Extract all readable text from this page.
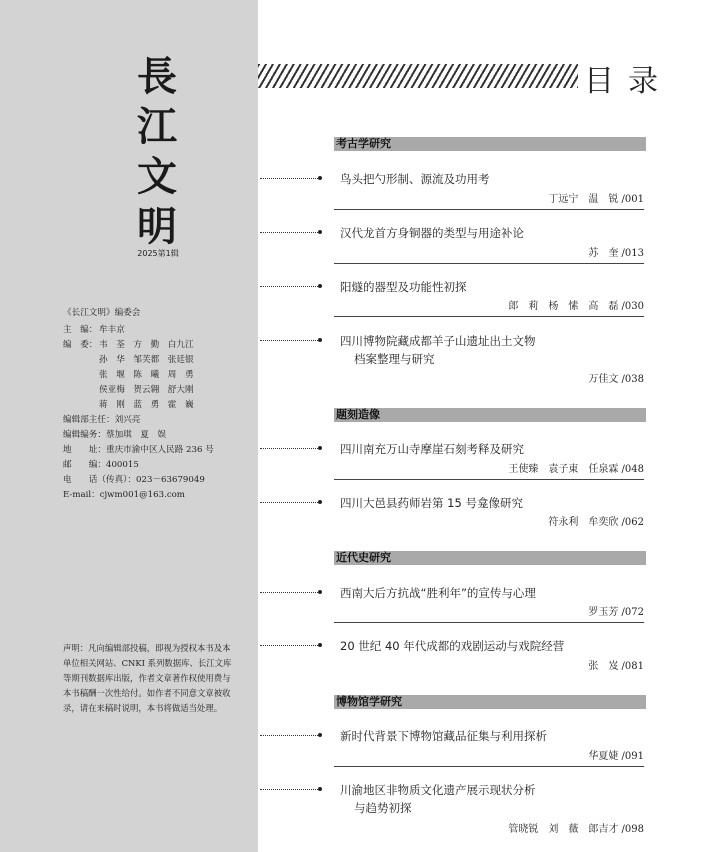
長
江
文
明
2025第1辑
《长江文明》编委会
主　编： 牟丰京
编　委： 韦　荃　方　勤　白九江
孙　华　邹芙都　张廷银
张　堰　陈　曦　周　勇
侯亚梅　贺云翱　舒大刚
蒋　刚　蓝　勇　霍　巍
编辑部主任： 刘兴亮
编辑编务： 蔡加琪　夏　娱
地　　址： 重庆市渝中区人民路 236 号
邮　　编： 400015
电　　话（传真）： 023－63679049
E-mail：cjwm001@163.com
声明：凡向编辑部投稿，即视为授权本书及本单位相关网站、CNKI 系列数据库、长江文库等期刊数据库出版，作者文章著作权使用费与本书稿酬一次性给付。如作者不同意文章被收录，请在来稿时说明，本书将做适当处理。
目录
考古学研究
鸟头把勺形制、源流及功用考
丁远宁　温　锐 /001
汉代龙首方身铜器的类型与用途补论
苏　奎 /013
阳燧的器型及功能性初探
郎　莉　杨　愫　高　磊 /030
四川博物院藏成都羊子山遗址出土文物
档案整理与研究
万佳文 /038
题刻造像
四川南充万山寺摩崖石刻考释及研究
王使臻　袁子東　任泉霖 /048
四川大邑县药师岩第 15 号龛像研究
符永利　牟奕欣 /062
近代史研究
西南大后方抗战“胜利年”的宣传与心理
罗玉芳 /072
20 世纪 40 年代成都的戏剧运动与戏院经营
张　岌 /081
博物馆学研究
新时代背景下博物馆藏品征集与利用探析
华夏婕 /091
川渝地区非物质文化遗产展示现状分析
与趋势初探
管晓锐　刘　薇　郎吉才 /098
